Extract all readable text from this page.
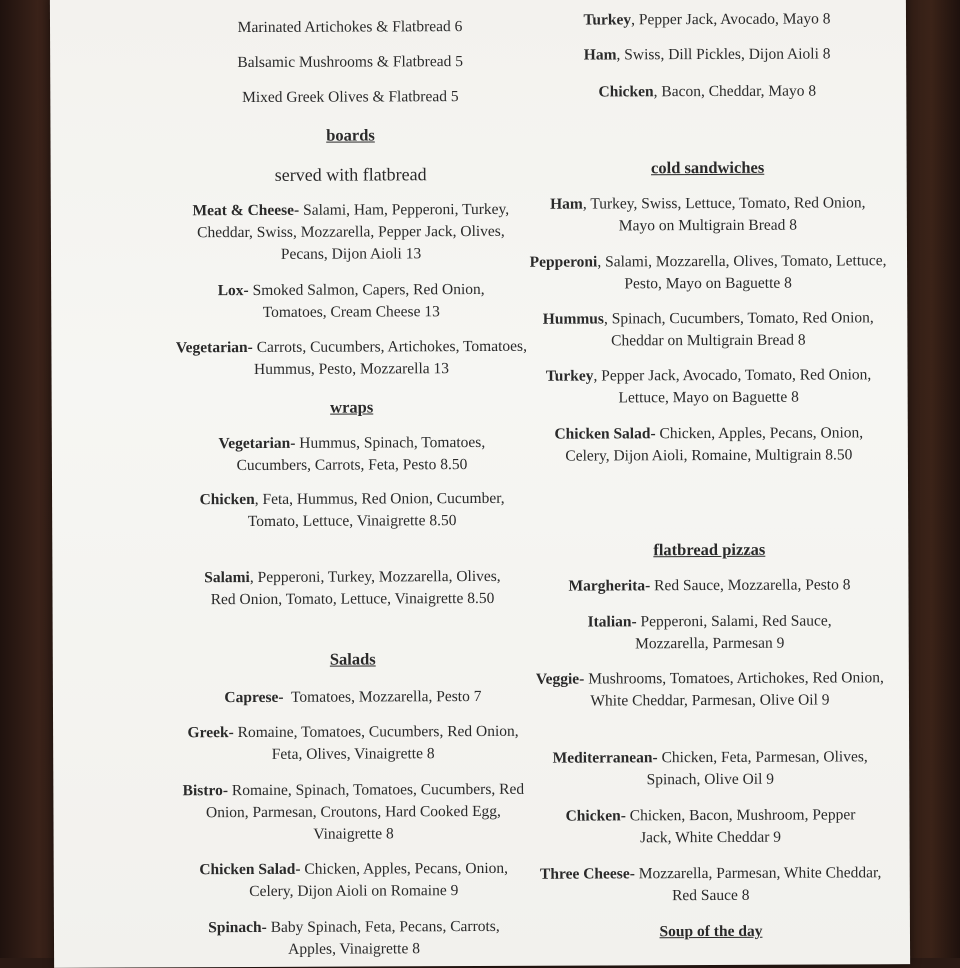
Marinated Artichokes & Flatbread 6
Balsamic Mushrooms & Flatbread 5
Mixed Greek Olives & Flatbread 5
boards
served with flatbread
Meat & Cheese- Salami, Ham, Pepperoni, Turkey, Cheddar, Swiss, Mozzarella, Pepper Jack, Olives, Pecans, Dijon Aioli 13
Lox- Smoked Salmon, Capers, Red Onion, Tomatoes, Cream Cheese 13
Vegetarian- Carrots, Cucumbers, Artichokes, Tomatoes, Hummus, Pesto, Mozzarella 13
wraps
Vegetarian- Hummus, Spinach, Tomatoes, Cucumbers, Carrots, Feta, Pesto 8.50
Chicken, Feta, Hummus, Red Onion, Cucumber, Tomato, Lettuce, Vinaigrette 8.50
Salami, Pepperoni, Turkey, Mozzarella, Olives, Red Onion, Tomato, Lettuce, Vinaigrette 8.50
Salads
Caprese-  Tomatoes, Mozzarella, Pesto 7
Greek- Romaine, Tomatoes, Cucumbers, Red Onion, Feta, Olives, Vinaigrette 8
Bistro- Romaine, Spinach, Tomatoes, Cucumbers, Red Onion, Parmesan, Croutons, Hard Cooked Egg, Vinaigrette 8
Chicken Salad- Chicken, Apples, Pecans, Onion, Celery, Dijon Aioli on Romaine 9
Spinach- Baby Spinach, Feta, Pecans, Carrots, Apples, Vinaigrette 8
Turkey, Pepper Jack, Avocado, Mayo 8
Ham, Swiss, Dill Pickles, Dijon Aioli 8
Chicken, Bacon, Cheddar, Mayo 8
cold sandwiches
Ham, Turkey, Swiss, Lettuce, Tomato, Red Onion, Mayo on Multigrain Bread 8
Pepperoni, Salami, Mozzarella, Olives, Tomato, Lettuce, Pesto, Mayo on Baguette 8
Hummus, Spinach, Cucumbers, Tomato, Red Onion, Cheddar on Multigrain Bread 8
Turkey, Pepper Jack, Avocado, Tomato, Red Onion, Lettuce, Mayo on Baguette 8
Chicken Salad- Chicken, Apples, Pecans, Onion, Celery, Dijon Aioli, Romaine, Multigrain 8.50
flatbread pizzas
Margherita- Red Sauce, Mozzarella, Pesto 8
Italian- Pepperoni, Salami, Red Sauce, Mozzarella, Parmesan 9
Veggie- Mushrooms, Tomatoes, Artichokes, Red Onion, White Cheddar, Parmesan, Olive Oil 9
Mediterranean- Chicken, Feta, Parmesan, Olives, Spinach, Olive Oil 9
Chicken- Chicken, Bacon, Mushroom, Pepper Jack, White Cheddar 9
Three Cheese- Mozzarella, Parmesan, White Cheddar, Red Sauce 8
Soup of the day
